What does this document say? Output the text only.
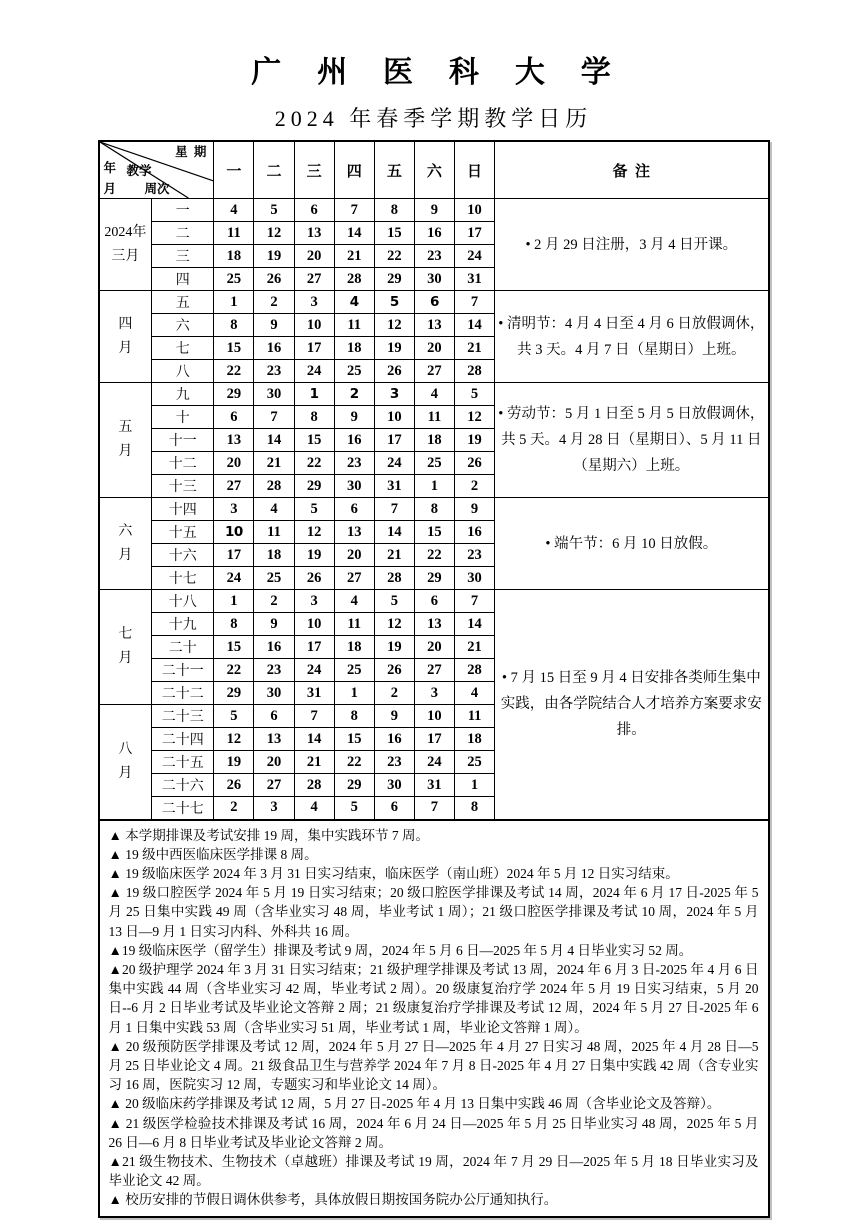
广  州  医  科  大  学
2024 年春季学期教学日历
星  期
年 教学
月 周次		一	二	三	四	五	六	日	备  注

2024年
三月	一	4	5	6	7	8	9	10	• 2 月 29 日注册，3 月 4 日开课。
	二	11	12	13	14	15	16	17	
	三	18	19	20	21	22	23	24	
	四	25	26	27	28	29	30	31	

四
月	五	1	2	3	4	5	6	7	• 清明节：4 月 4 日至 4 月 6 日放假调休，共 3 天。4 月 7 日（星期日）上班。
	六	8	9	10	11	12	13	14	
	七	15	16	17	18	19	20	21	
	八	22	23	24	25	26	27	28	

五
月	九	29	30	1	2	3	4	5	• 劳动节：5 月 1 日至 5 月 5 日放假调休，共 5 天。4 月 28 日（星期日）、5 月 11 日（星期六）上班。
	十	6	7	8	9	10	11	12	
	十一	13	14	15	16	17	18	19	
	十二	20	21	22	23	24	25	26	
	十三	27	28	29	30	31	1	2	

六
月	十四	3	4	5	6	7	8	9	• 端午节：6 月 10 日放假。
	十五	10	11	12	13	14	15	16	
	十六	17	18	19	20	21	22	23	
	十七	24	25	26	27	28	29	30	

七
月	十八	1	2	3	4	5	6	7	• 7 月 15 日至 9 月 4 日安排各类师生集中实践，由各学院结合人才培养方案要求安排。
	十九	8	9	10	11	12	13	14	
	二十	15	16	17	18	19	20	21	
	二十一	22	23	24	25	26	27	28	
	二十二	29	30	31	1	2	3	4	

八
月	二十三	5	6	7	8	9	10	11	
	二十四	12	13	14	15	16	17	18	
	二十五	19	20	21	22	23	24	25	
	二十六	26	27	28	29	30	31	1	
	二十七	2	3	4	5	6	7	8	
▲ 本学期排课及考试安排 19 周，集中实践环节 7 周。
▲ 19 级中西医临床医学排课 8 周。
▲ 19 级临床医学 2024 年 3 月 31 日实习结束，临床医学（南山班）2024 年 5 月 12 日实习结束。
▲ 19 级口腔医学 2024 年 5 月 19 日实习结束；20 级口腔医学排课及考试 14 周，2024 年 6 月 17 日-2025 年 5 月 25 日集中实践 49 周（含毕业实习 48 周，毕业考试 1 周）；21 级口腔医学排课及考试 10 周，2024 年 5 月 13 日—9 月 1 日实习内科、外科共 16 周。
▲19 级临床医学（留学生）排课及考试 9 周，2024 年 5 月 6 日—2025 年 5 月 4 日毕业实习 52 周。
▲20 级护理学 2024 年 3 月 31 日实习结束；21 级护理学排课及考试 13 周，2024 年 6 月 3 日-2025 年 4 月 6 日集中实践 44 周（含毕业实习 42 周，毕业考试 2 周）。20 级康复治疗学 2024 年 5 月 19 日实习结束，5 月 20 日--6 月 2 日毕业考试及毕业论文答辩 2 周；21 级康复治疗学排课及考试 12 周，2024 年 5 月 27 日-2025 年 6 月 1 日集中实践 53 周（含毕业实习 51 周，毕业考试 1 周，毕业论文答辩 1 周）。
▲ 20 级预防医学排课及考试 12 周，2024 年 5 月 27 日—2025 年 4 月 27 日实习 48 周，2025 年 4 月 28 日—5 月 25 日毕业论文 4 周。21 级食品卫生与营养学 2024 年 7 月 8 日-2025 年 4 月 27 日集中实践 42 周（含专业实习 16 周，医院实习 12 周，专题实习和毕业论文 14 周）。
▲ 20 级临床药学排课及考试 12 周，5 月 27 日-2025 年 4 月 13 日集中实践 46 周（含毕业论文及答辩）。
▲ 21 级医学检验技术排课及考试 16 周，2024 年 6 月 24 日—2025 年 5 月 25 日毕业实习 48 周，2025 年 5 月 26 日—6 月 8 日毕业考试及毕业论文答辩 2 周。
▲21 级生物技术、生物技术（卓越班）排课及考试 19 周，2024 年 7 月 29 日—2025 年 5 月 18 日毕业实习及毕业论文 42 周。
▲ 校历安排的节假日调休供参考，具体放假日期按国务院办公厅通知执行。
